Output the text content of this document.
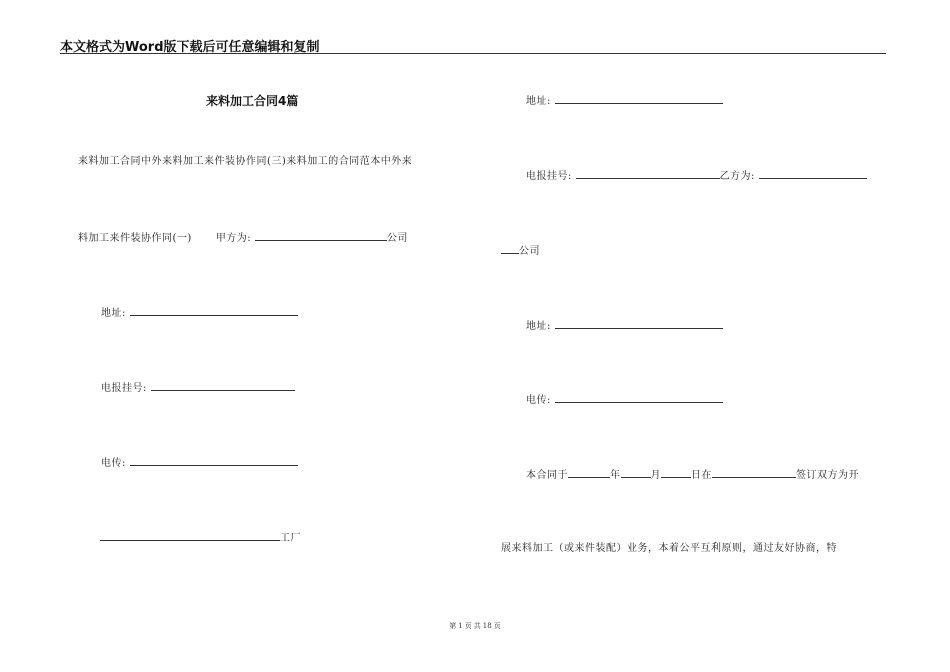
本文格式为Word版下载后可任意编辑和复制
来料加工合同4篇
来料加工合同中外来料加工来件装协作同(三)来料加工的合同范本中外来
料加工来件装协作同(一) 甲方为:	公司
地址:
电报挂号:
电传:
工厂
地址:
电报挂号:	乙方为:
公司
地址:
电传:
本合同于	年	月	日在	签订双方为开
展来料加工（或来件装配）业务，本着公平互利原则，通过友好协商，特
第 1 页 共 18 页
